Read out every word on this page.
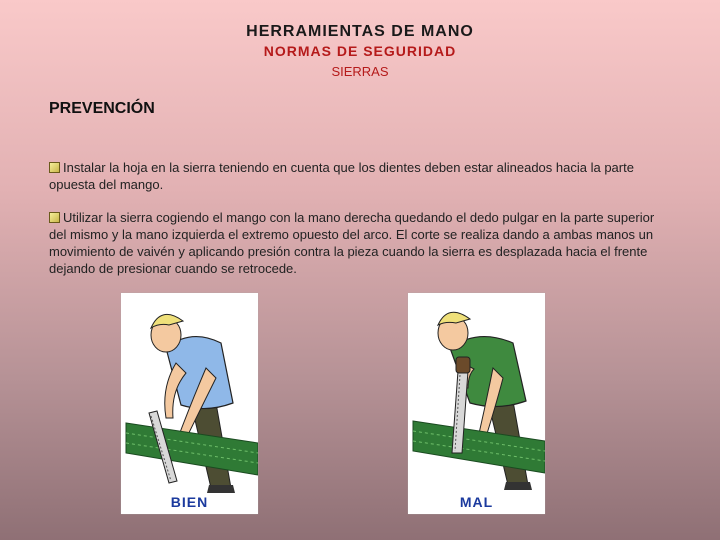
HERRAMIENTAS DE MANO
NORMAS DE SEGURIDAD
SIERRAS
PREVENCIÓN
Instalar la hoja en la sierra teniendo en cuenta que los dientes deben estar alineados hacia la parte opuesta del mango.
Utilizar la sierra cogiendo el mango con la mano derecha quedando el dedo pulgar en la parte superior del mismo y la mano izquierda el extremo opuesto del arco. El corte se realiza dando a ambas manos un movimiento de vaivén y aplicando presión contra la pieza cuando la sierra es desplazada hacia el frente dejando de presionar cuando se retrocede.
BIEN	MAL
